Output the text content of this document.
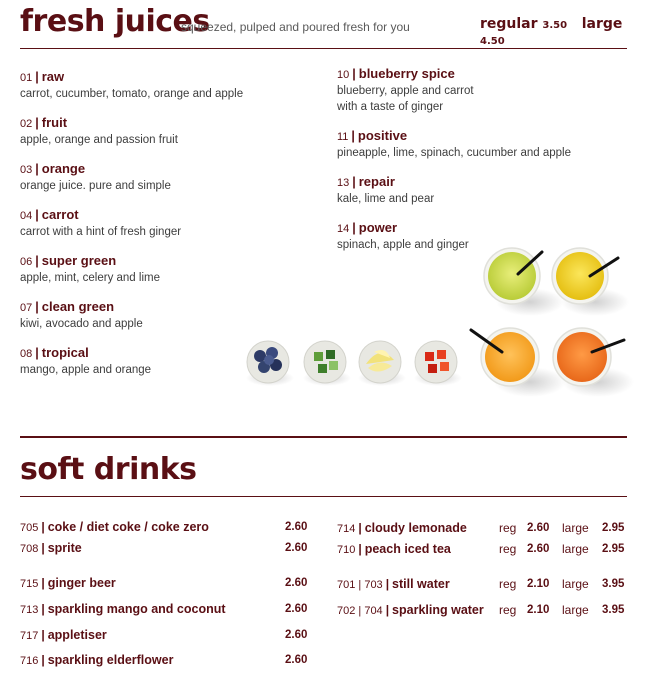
fresh juices
squeezed, pulped and poured fresh for you	regular 3.50 large 4.50
01 | raw
carrot, cucumber, tomato, orange and apple
02 | fruit
apple, orange and passion fruit
03 | orange
orange juice. pure and simple
04 | carrot
carrot with a hint of fresh ginger
06 | super green
apple, mint, celery and lime
07 | clean green
kiwi, avocado and apple
08 | tropical
mango, apple and orange
10 | blueberry spice
blueberry, apple and carrot
with a taste of ginger
11 | positive
pineapple, lime, spinach, cucumber and apple
13 | repair
kale, lime and pear
14 | power
spinach, apple and ginger
soft drinks
705 | coke / diet coke / coke zero	2.60
708 | sprite	2.60
715 | ginger beer	2.60
713 | sparkling mango and coconut	2.60
717 | appletiser	2.60
716 | sparkling elderflower	2.60
714 | cloudy lemonade	reg 2.60 large 2.95
710 | peach iced tea	reg 2.60 large 2.95
701 | 703 | still water	reg 2.10 large 3.95
702 | 704 | sparkling water reg 2.10 large 3.95
